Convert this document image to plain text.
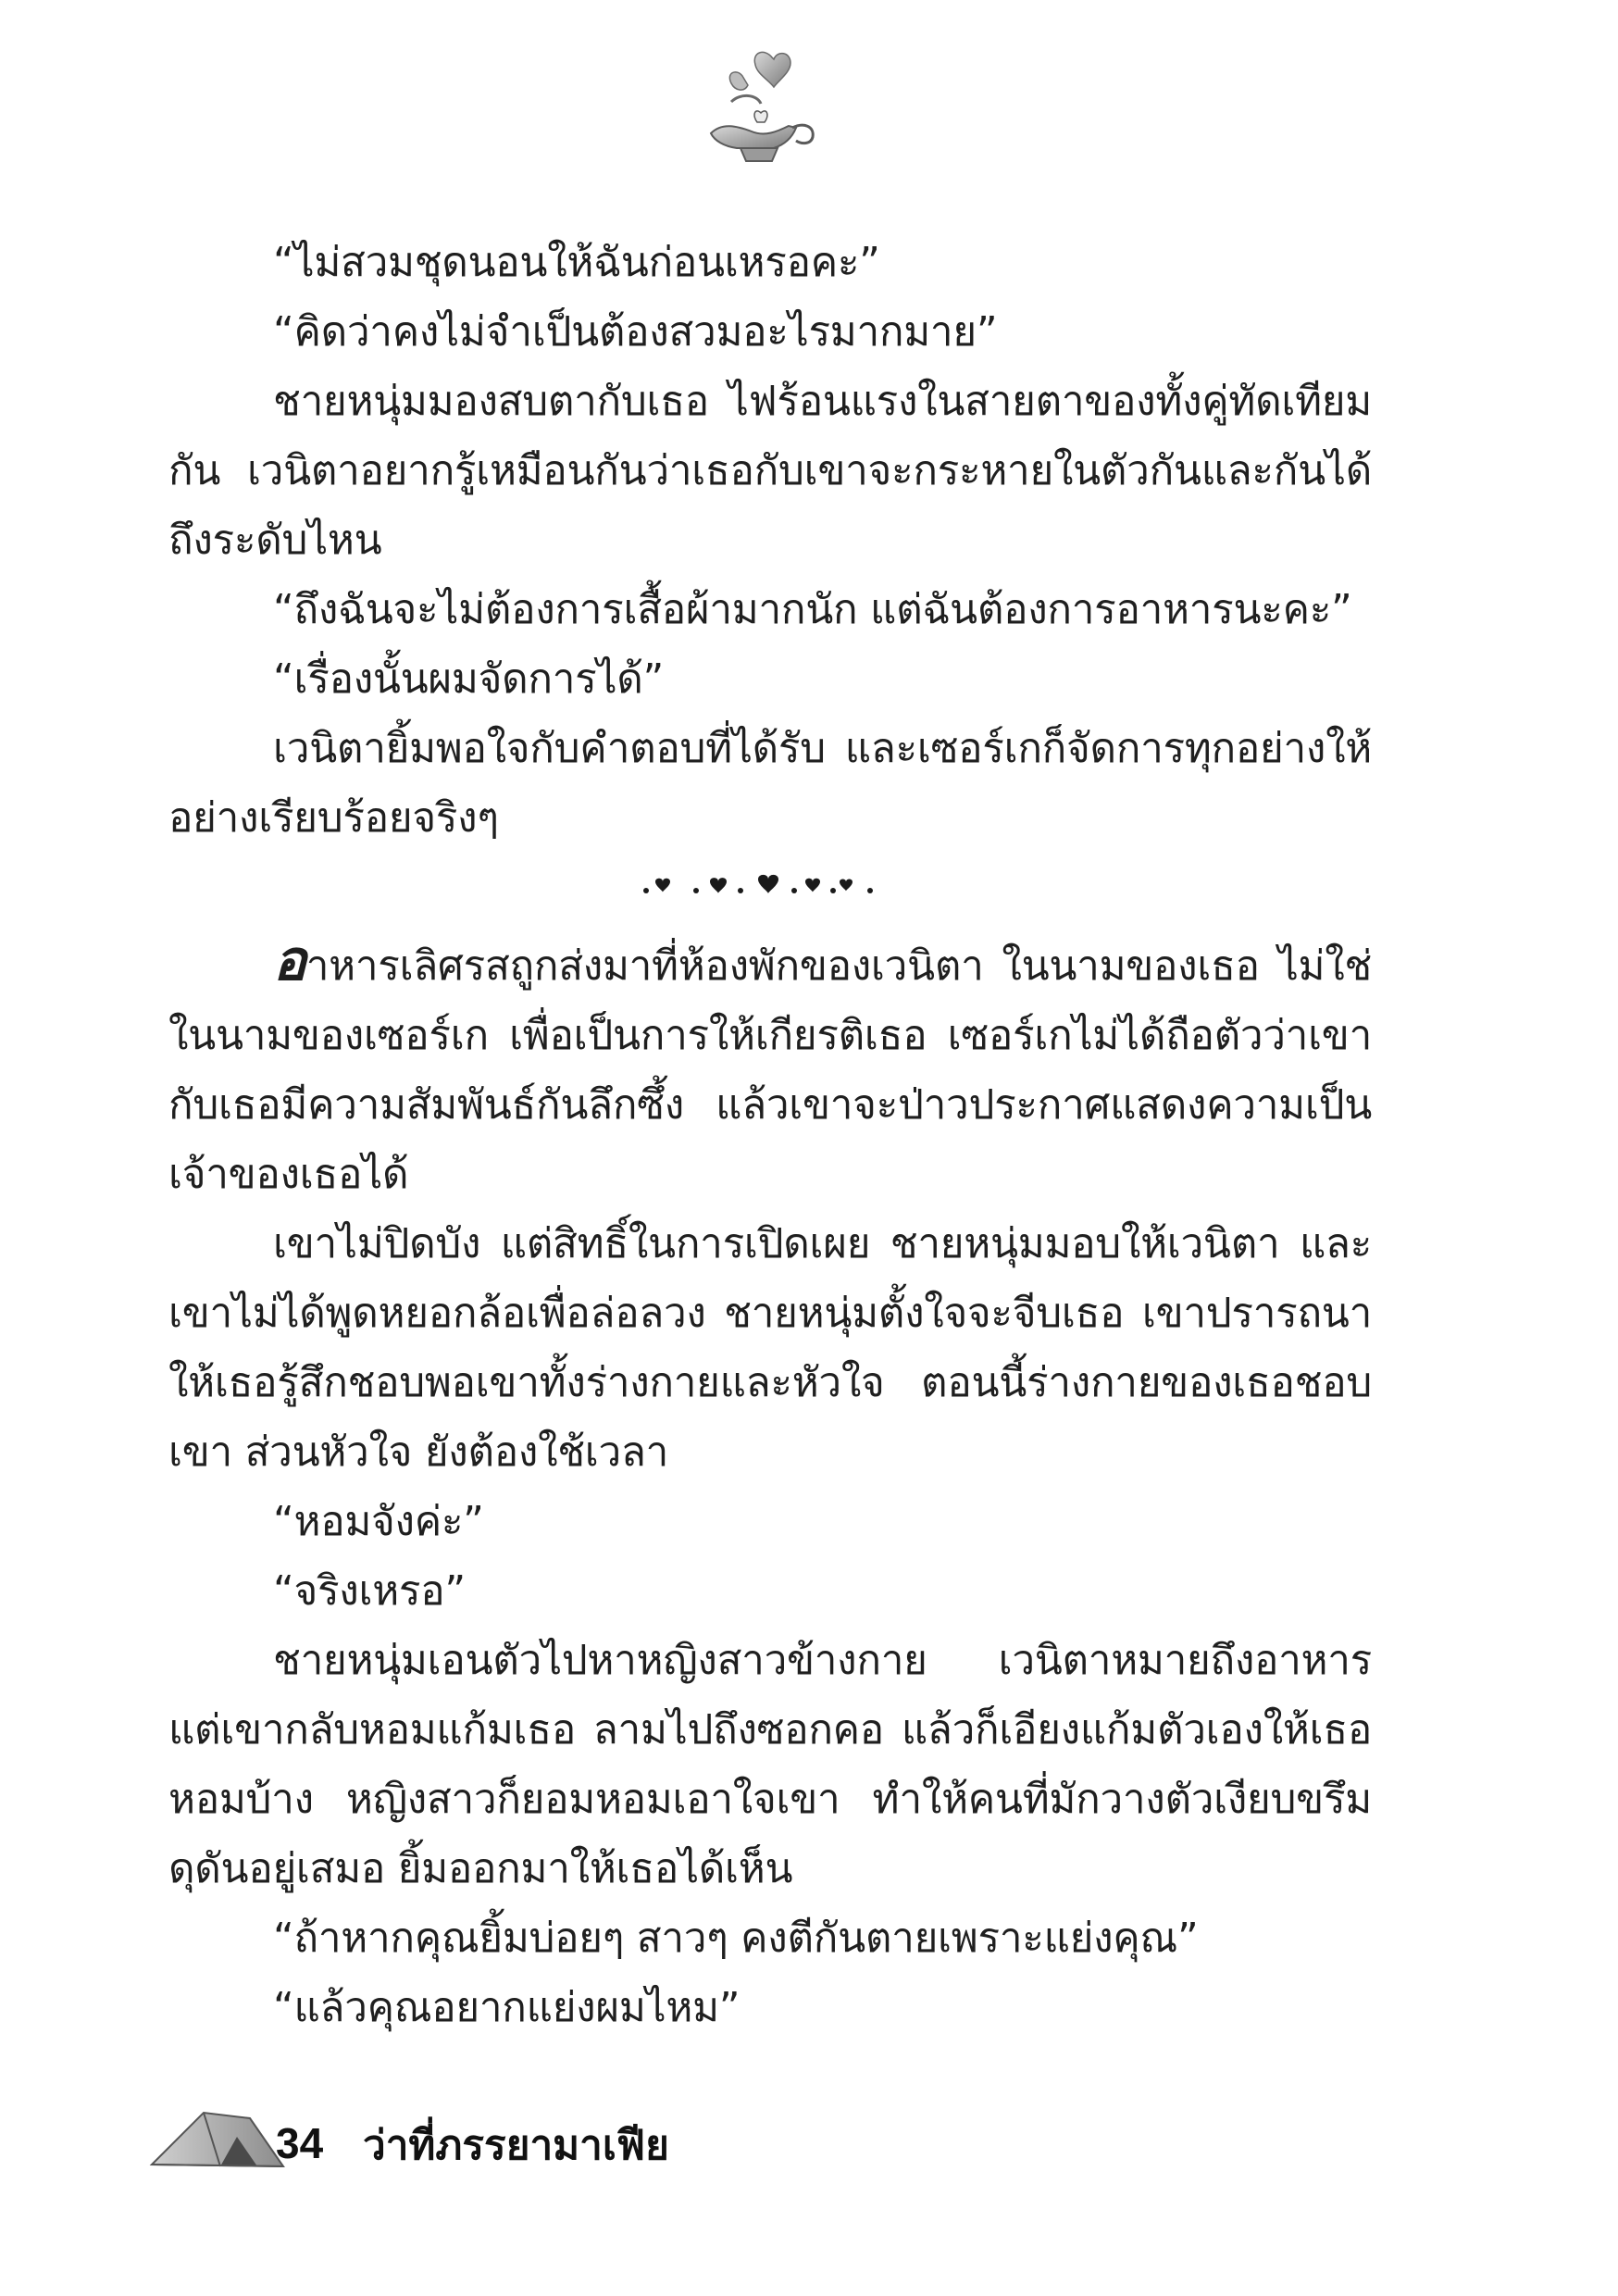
“ไม่สวมชุดนอนให้ฉันก่อนเหรอคะ”

“คิดว่าคงไม่จำเป็นต้องสวมอะไรมากมาย”

ชายหนุ่มมองสบตากับเธอ ไฟร้อนแรงในสายตาของทั้งคู่ทัดเทียมกัน เวนิตาอยากรู้เหมือนกันว่าเธอกับเขาจะกระหายในตัวกันและกันได้ถึงระดับไหน

“ถึงฉันจะไม่ต้องการเสื้อผ้ามากนัก แต่ฉันต้องการอาหารนะคะ”

“เรื่องนั้นผมจัดการได้”

เวนิตายิ้มพอใจกับคำตอบที่ได้รับ และเซอร์เกก็จัดการทุกอย่างให้อย่างเรียบร้อยจริงๆ

อาหารเลิศรสถูกส่งมาที่ห้องพักของเวนิตา ในนามของเธอ ไม่ใช่ในนามของเซอร์เก เพื่อเป็นการให้เกียรติเธอ เซอร์เกไม่ได้ถือตัวว่าเขากับเธอมีความสัมพันธ์กันลึกซึ้ง แล้วเขาจะป่าวประกาศแสดงความเป็นเจ้าของเธอได้

เขาไม่ปิดบัง แต่สิทธิ์ในการเปิดเผย ชายหนุ่มมอบให้เวนิตา และเขาไม่ได้พูดหยอกล้อเพื่อล่อลวง ชายหนุ่มตั้งใจจะจีบเธอ เขาปรารถนาให้เธอรู้สึกชอบพอเขาทั้งร่างกายและหัวใจ ตอนนี้ร่างกายของเธอชอบเขา ส่วนหัวใจ ยังต้องใช้เวลา

“หอมจังค่ะ”

“จริงเหรอ”

ชายหนุ่มเอนตัวไปหาหญิงสาวข้างกาย เวนิตาหมายถึงอาหาร แต่เขากลับหอมแก้มเธอ ลามไปถึงซอกคอ แล้วก็เอียงแก้มตัวเองให้เธอหอมบ้าง หญิงสาวก็ยอมหอมเอาใจเขา ทำให้คนที่มักวางตัวเงียบขรึมดุดันอยู่เสมอ ยิ้มออกมาให้เธอได้เห็น

“ถ้าหากคุณยิ้มบ่อยๆ สาวๆ คงตีกันตายเพราะแย่งคุณ”

“แล้วคุณอยากแย่งผมไหม”

34 ว่าที่ภรรยามาเฟีย
